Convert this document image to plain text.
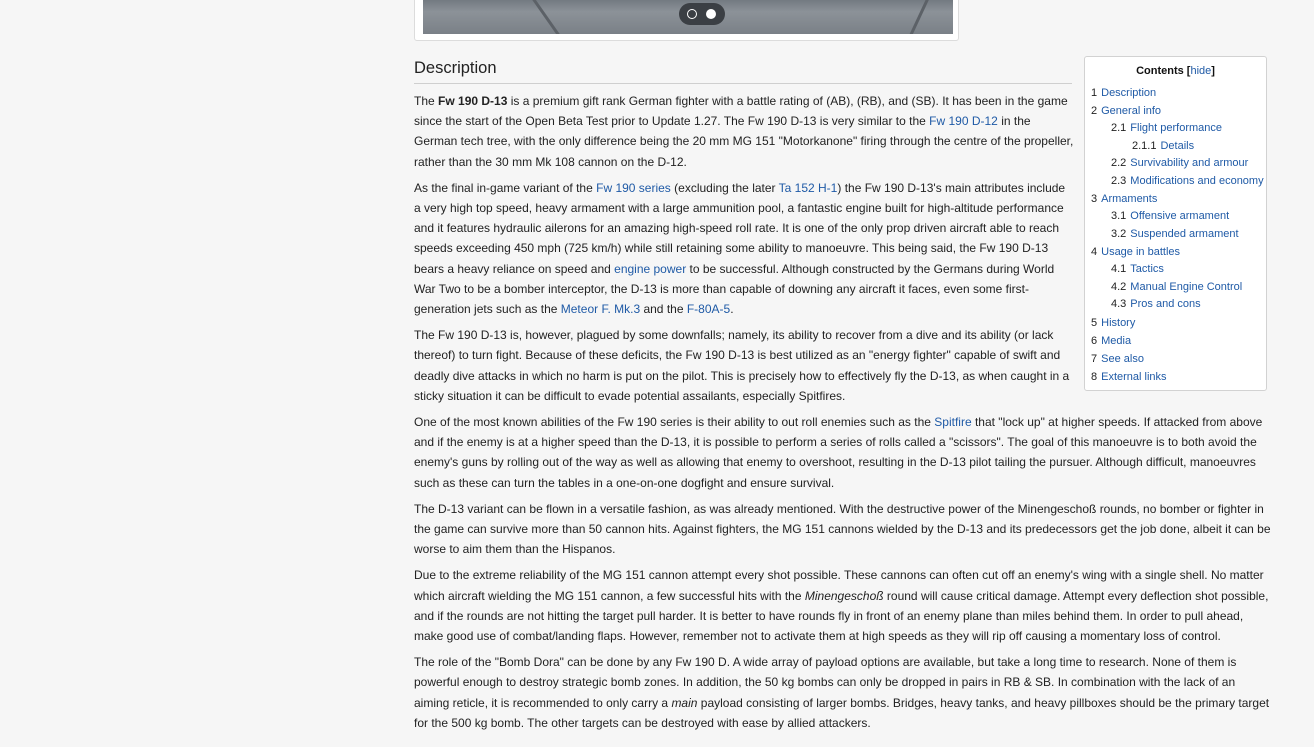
Description

The Fw 190 D-13 is a premium gift rank German fighter with a battle rating of (AB), (RB), and (SB). It has been in the game since the start of the Open Beta Test prior to Update 1.27. The Fw 190 D-13 is very similar to the Fw 190 D-12 in the German tech tree, with the only difference being the 20 mm MG 151 "Motorkanone" firing through the centre of the propeller, rather than the 30 mm Mk 108 cannon on the D-12.

As the final in-game variant of the Fw 190 series (excluding the later Ta 152 H-1) the Fw 190 D-13's main attributes include a very high top speed, heavy armament with a large ammunition pool, a fantastic engine built for high-altitude performance and it features hydraulic ailerons for an amazing high-speed roll rate. It is one of the only prop driven aircraft able to reach speeds exceeding 450 mph (725 km/h) while still retaining some ability to manoeuvre. This being said, the Fw 190 D-13 bears a heavy reliance on speed and engine power to be successful. Although constructed by the Germans during World War Two to be a bomber interceptor, the D-13 is more than capable of downing any aircraft it faces, even some first-generation jets such as the Meteor F. Mk.3 and the F-80A-5.

The Fw 190 D-13 is, however, plagued by some downfalls; namely, its ability to recover from a dive and its ability (or lack thereof) to turn fight. Because of these deficits, the Fw 190 D-13 is best utilized as an "energy fighter" capable of swift and deadly dive attacks in which no harm is put on the pilot. This is precisely how to effectively fly the D-13, as when caught in a sticky situation it can be difficult to evade potential assailants, especially Spitfires.

One of the most known abilities of the Fw 190 series is their ability to out roll enemies such as the Spitfire that "lock up" at higher speeds. If attacked from above and if the enemy is at a higher speed than the D-13, it is possible to perform a series of rolls called a "scissors". The goal of this manoeuvre is to both avoid the enemy's guns by rolling out of the way as well as allowing that enemy to overshoot, resulting in the D-13 pilot tailing the pursuer. Although difficult, manoeuvres such as these can turn the tables in a one-on-one dogfight and ensure survival.

The D-13 variant can be flown in a versatile fashion, as was already mentioned. With the destructive power of the Minengeschoß rounds, no bomber or fighter in the game can survive more than 50 cannon hits. Against fighters, the MG 151 cannons wielded by the D-13 and its predecessors get the job done, albeit it can be worse to aim them than the Hispanos.

Due to the extreme reliability of the MG 151 cannon attempt every shot possible. These cannons can often cut off an enemy's wing with a single shell. No matter which aircraft wielding the MG 151 cannon, a few successful hits with the Minengeschoß round will cause critical damage. Attempt every deflection shot possible, and if the rounds are not hitting the target pull harder. It is better to have rounds fly in front of an enemy plane than miles behind them. In order to pull ahead, make good use of combat/landing flaps. However, remember not to activate them at high speeds as they will rip off causing a momentary loss of control.

The role of the "Bomb Dora" can be done by any Fw 190 D. A wide array of payload options are available, but take a long time to research. None of them is powerful enough to destroy strategic bomb zones. In addition, the 50 kg bombs can only be dropped in pairs in RB & SB. In combination with the lack of an aiming reticle, it is recommended to only carry a main payload consisting of larger bombs. Bridges, heavy tanks, and heavy pillboxes should be the primary target for the 500 kg bomb. The other targets can be destroyed with ease by allied attackers.

Contents [hide]
1 Description
2 General info
2.1 Flight performance
2.1.1 Details
2.2 Survivability and armour
2.3 Modifications and economy
3 Armaments
3.1 Offensive armament
3.2 Suspended armament
4 Usage in battles
4.1 Tactics
4.2 Manual Engine Control
4.3 Pros and cons
5 History
6 Media
7 See also
8 External links
